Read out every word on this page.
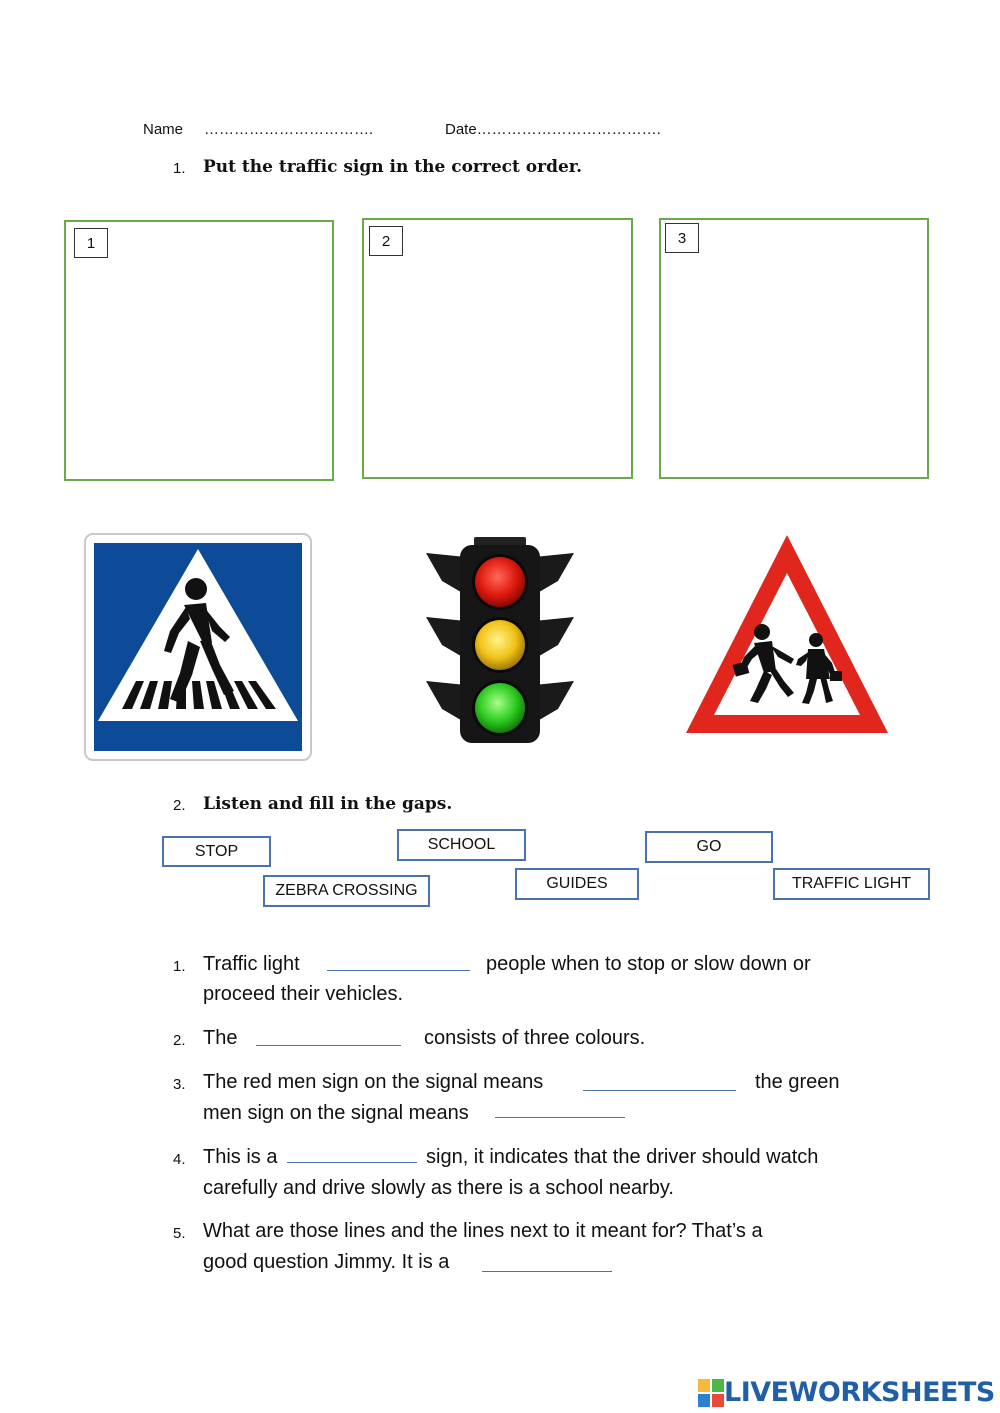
Name …………………………….	Date……………………………….
1. Put the traffic sign in the correct order.
1	2	3
2. Listen and fill in the gaps.
STOP	SCHOOL	GO
ZEBRA CROSSING	GUIDES	TRAFFIC LIGHT
1. Traffic light	people when to stop or slow down or
proceed their vehicles.
2. The	consists of three colours.
3. The red men sign on the signal means	the green
men sign on the signal means
4. This is a	sign, it indicates that the driver should watch
carefully and drive slowly as there is a school nearby.
5. What are those lines and the lines next to it meant for? That’s a
good question Jimmy. It is a
LIVEWORKSHEETS
